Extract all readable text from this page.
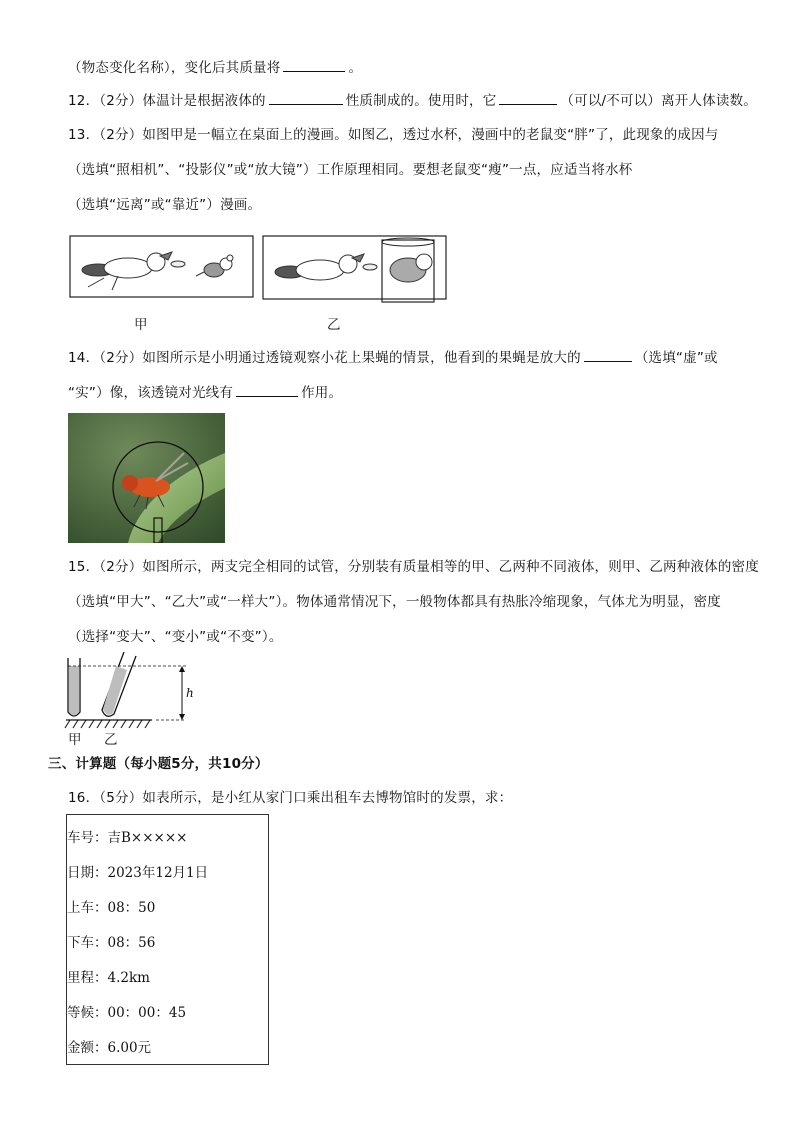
（物态变化名称），变化后其质量将	。
12．（2分）体温计是根据液体的	性质制成的。使用时，它	（可以/不可以）离开人体读数。
13．（2分）如图甲是一幅立在桌面上的漫画。如图乙，透过水杯，漫画中的老鼠变“胖”了，此现象的成因与
（选填“照相机”、“投影仪”或“放大镜”）工作原理相同。要想老鼠变“瘦”一点，应适当将水杯
（选填“远离”或“靠近”）漫画。
甲	乙
14．（2分）如图所示是小明通过透镜观察小花上果蝇的情景，他看到的果蝇是放大的	（选填“虚”或
“实”）像，该透镜对光线有	作用。
15．（2分）如图所示，两支完全相同的试管，分别装有质量相等的甲、乙两种不同液体，则甲、乙两种液体的密度
（选填“甲大”、“乙大”或“一样大”）。物体通常情况下，一般物体都具有热胀冷缩现象，气体尤为明显，密度
（选择“变大”、“变小”或“不变”）。
h
甲 乙
三、计算题（每小题5分，共10分）
16．（5分）如表所示，是小红从家门口乘出租车去博物馆时的发票，求：
车号：吉B×××××
日期：2023年12月1日
上车：08：50
下车：08：56
里程：4.2km
等候：00：00：45
金额：6.00元
